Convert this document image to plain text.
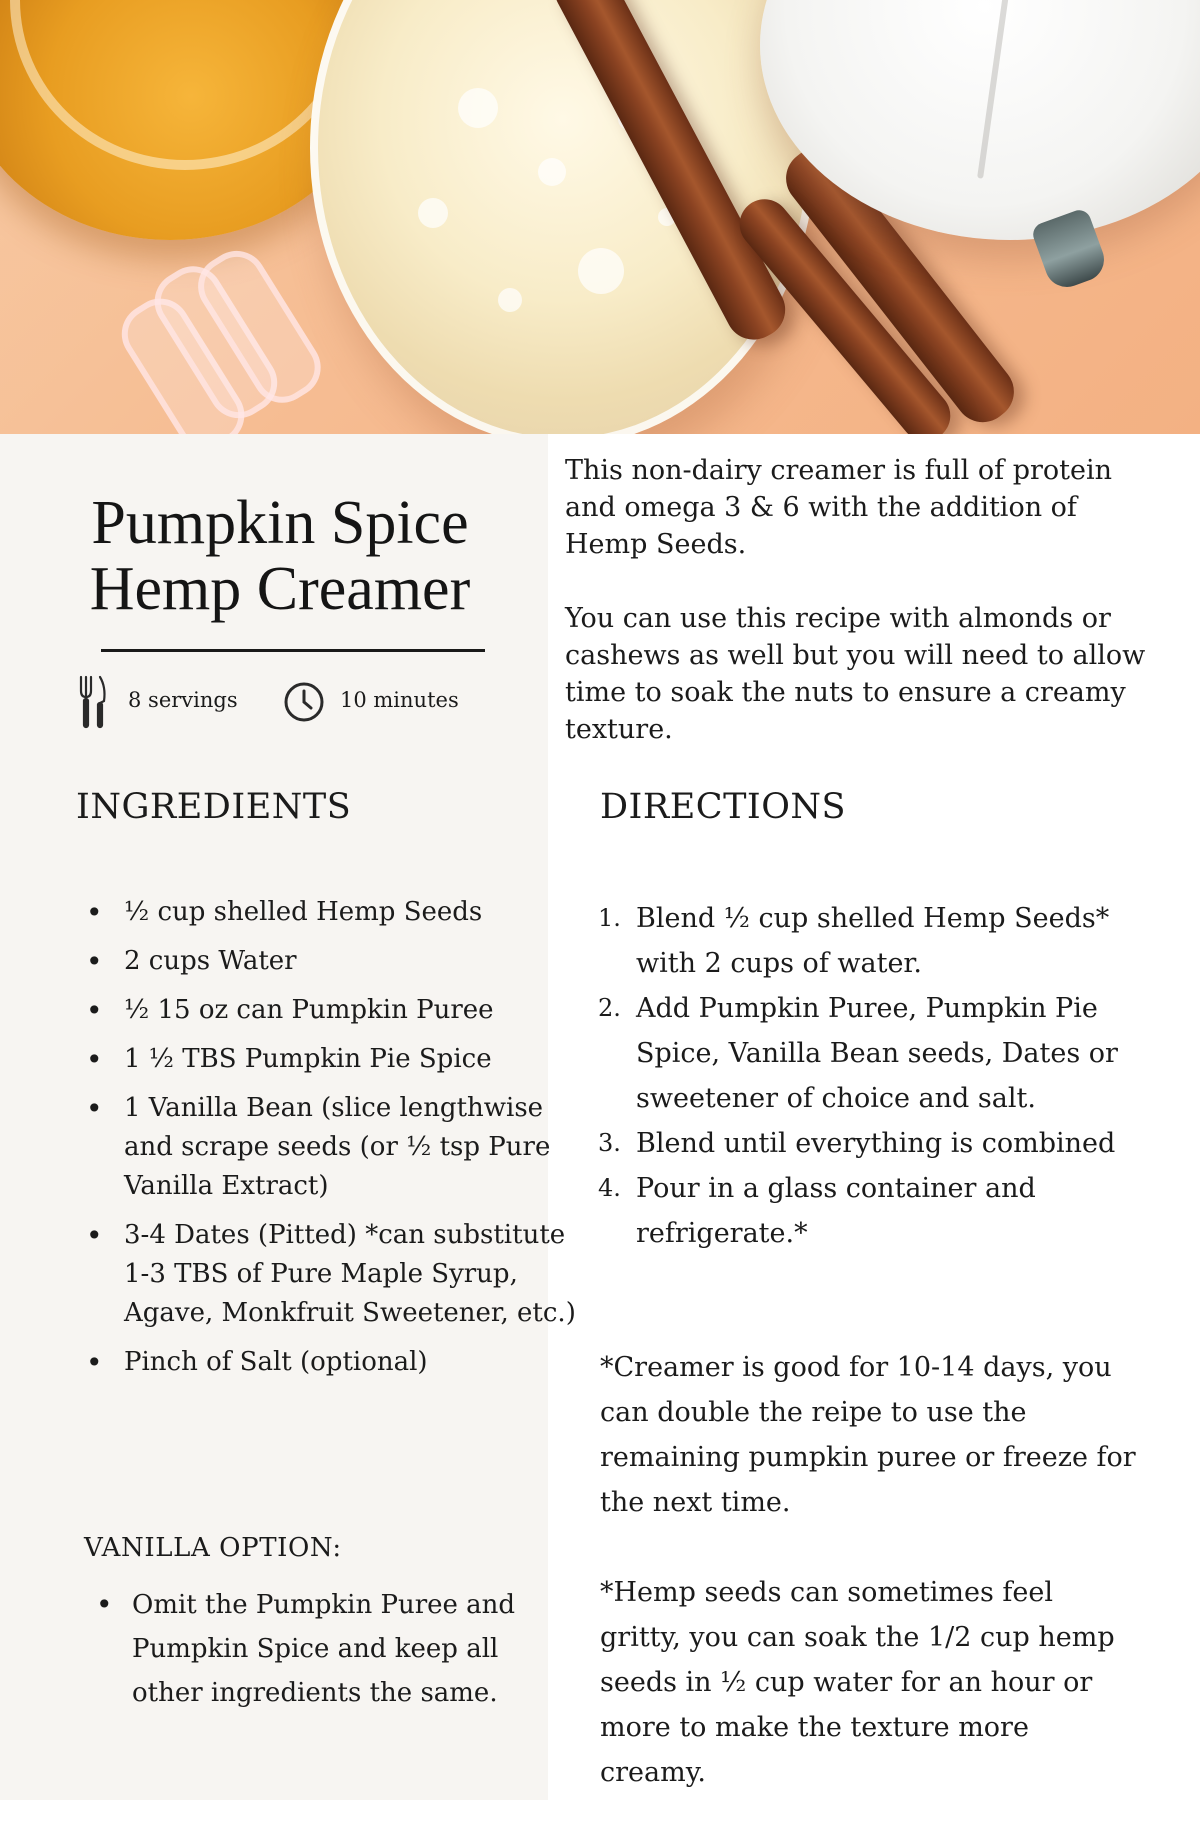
Pumpkin Spice
Hemp Creamer
8 servings	10 minutes

This non-dairy creamer is full of protein and omega 3 & 6 with the addition of Hemp Seeds.

You can use this recipe with almonds or cashews as well but you will need to allow time to soak the nuts to ensure a creamy texture.

INGREDIENTS
• ½ cup shelled Hemp Seeds
• 2 cups Water
• ½ 15 oz can Pumpkin Puree
• 1 ½ TBS Pumpkin Pie Spice
• 1 Vanilla Bean (slice lengthwise and scrape seeds (or ½ tsp Pure Vanilla Extract)
• 3-4 Dates (Pitted) *can substitute 1-3 TBS of Pure Maple Syrup, Agave, Monkfruit Sweetener, etc.)
• Pinch of Salt (optional)
VANILLA OPTION:
• Omit the Pumpkin Puree and Pumpkin Spice and keep all other ingredients the same.
DIRECTIONS
1. Blend ½ cup shelled Hemp Seeds* with 2 cups of water.
2. Add Pumpkin Puree, Pumpkin Pie Spice, Vanilla Bean seeds, Dates or sweetener of choice and salt.
3. Blend until everything is combined
4. Pour in a glass container and refrigerate.*

*Creamer is good for 10-14 days, you can double the reipe to use the remaining pumpkin puree or freeze for the next time.

*Hemp seeds can sometimes feel gritty, you can soak the 1/2 cup hemp seeds in ½ cup water for an hour or more to make the texture more creamy.
